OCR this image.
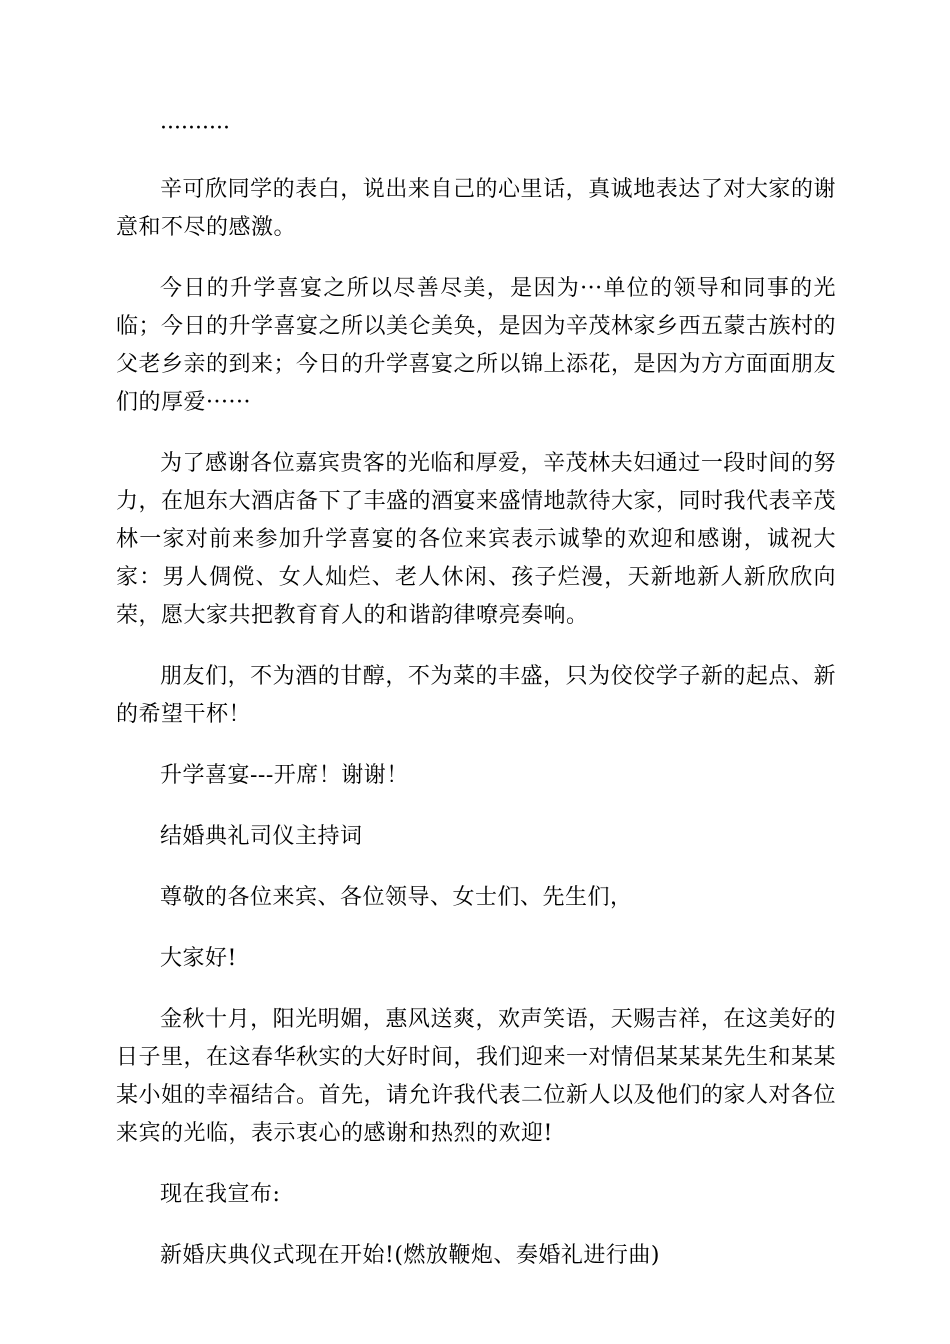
··········

辛可欣同学的表白，说出来自己的心里话，真诚地表达了对大家的谢意和不尽的感激。

今日的升学喜宴之所以尽善尽美，是因为···单位的领导和同事的光临；今日的升学喜宴之所以美仑美奂，是因为辛茂林家乡西五蒙古族村的父老乡亲的到来；今日的升学喜宴之所以锦上添花，是因为方方面面朋友们的厚爱······

为了感谢各位嘉宾贵客的光临和厚爱，辛茂林夫妇通过一段时间的努力，在旭东大酒店备下了丰盛的酒宴来盛情地款待大家，同时我代表辛茂林一家对前来参加升学喜宴的各位来宾表示诚挚的欢迎和感谢，诚祝大家：男人倜傥、女人灿烂、老人休闲、孩子烂漫，天新地新人新欣欣向荣，愿大家共把教育育人的和谐韵律嘹亮奏响。

朋友们，不为酒的甘醇，不为菜的丰盛，只为佼佼学子新的起点、新的希望干杯！

升学喜宴---开席！谢谢！

结婚典礼司仪主持词

尊敬的各位来宾、各位领导、女士们、先生们，

大家好!

金秋十月，阳光明媚，惠风送爽，欢声笑语，天赐吉祥，在这美好的日子里，在这春华秋实的大好时间，我们迎来一对情侣某某某先生和某某某小姐的幸福结合。首先，请允许我代表二位新人以及他们的家人对各位来宾的光临，表示衷心的感谢和热烈的欢迎!

现在我宣布:

新婚庆典仪式现在开始!(燃放鞭炮、奏婚礼进行曲)
